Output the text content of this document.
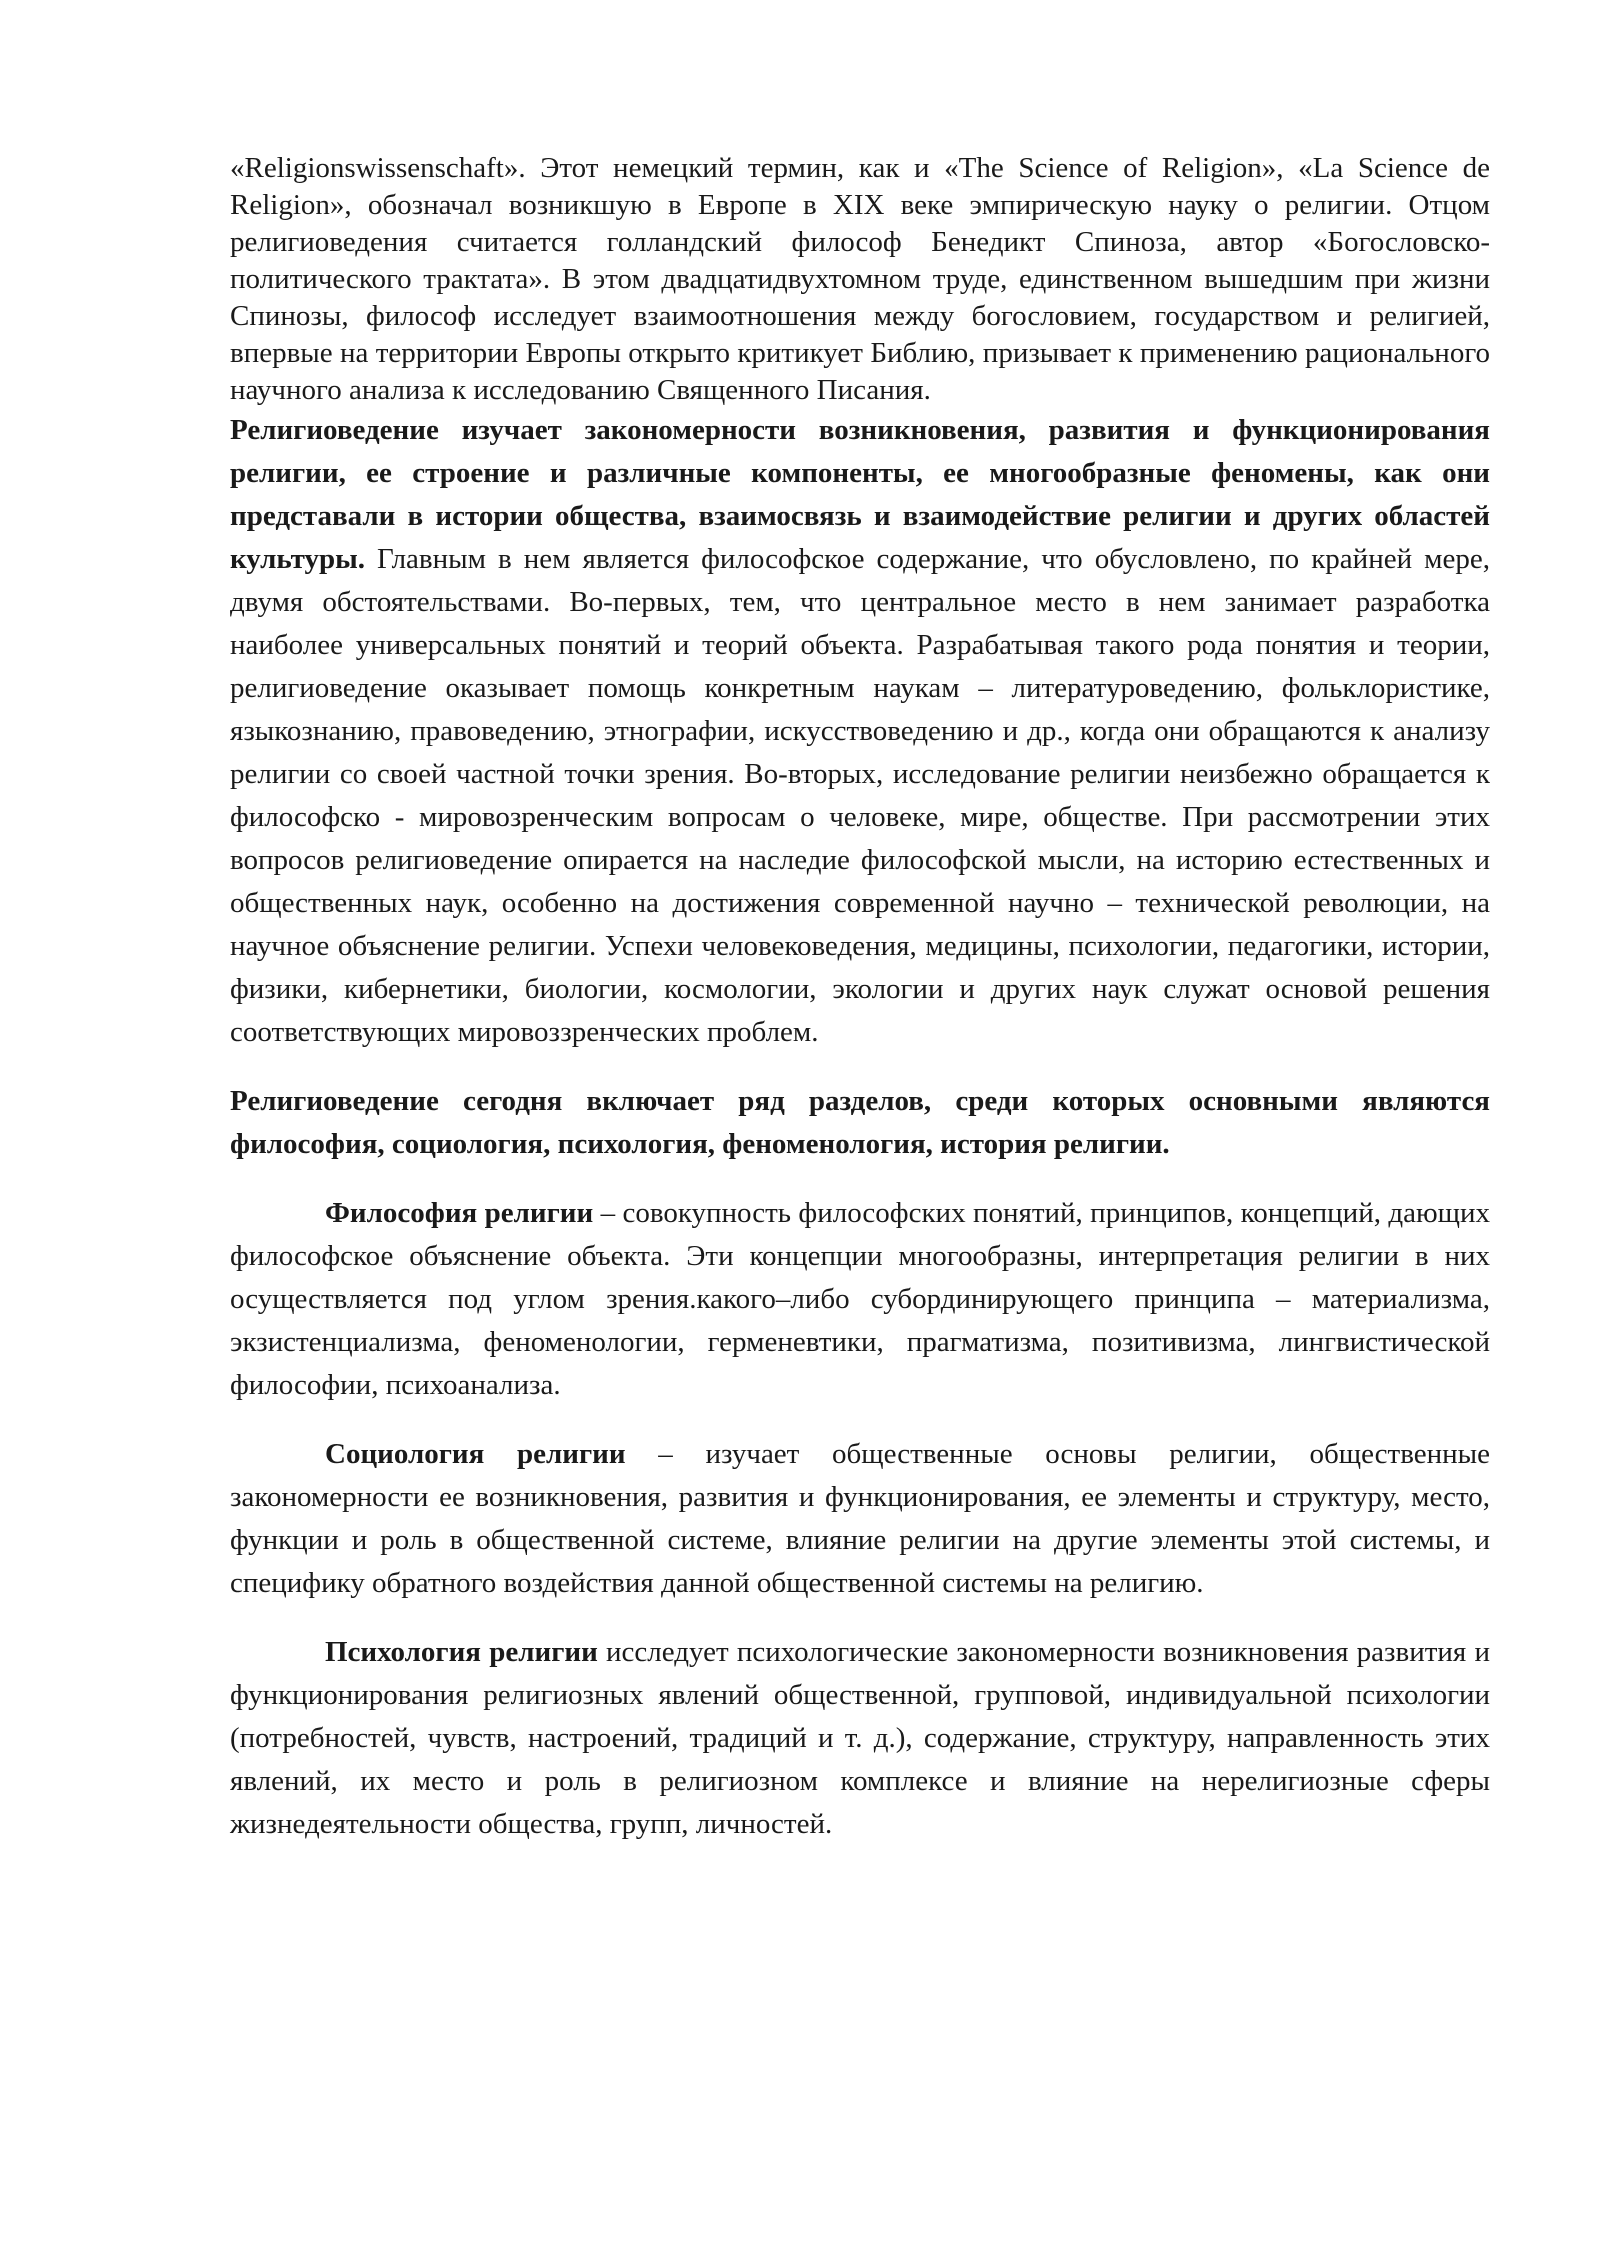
«Religionswissenschaft». Этот немецкий термин, как и «The Science of Religion», «La Science de Religion», обозначал возникшую в Европе в XIX веке эмпирическую науку о религии. Отцом религиоведения считается голландский философ Бенедикт Спиноза, автор «Богословско-политического трактата». В этом двадцатидвухтомном труде, единственном вышедшим при жизни Спинозы, философ исследует взаимоотношения между богословием, государством и религией, впервые на территории Европы открыто критикует Библию, призывает к применению рационального научного анализа к исследованию Священного Писания.

Религиоведение изучает закономерности возникновения, развития и функционирования религии, ее строение и различные компоненты, ее многообразные феномены, как они представали в истории общества, взаимосвязь и взаимодействие религии и других областей культуры. Главным в нем является философское содержание, что обусловлено, по крайней мере, двумя обстоятельствами. Во-первых, тем, что центральное место в нем занимает разработка наиболее универсальных понятий и теорий объекта. Разрабатывая такого рода понятия и теории, религиоведение оказывает помощь конкретным наукам – литературоведению, фольклористике, языкознанию, правоведению, этнографии, искусствоведению и др., когда они обращаются к анализу религии со своей частной точки зрения. Во-вторых, исследование религии неизбежно обращается к философско - мировозренческим вопросам о человеке, мире, обществе. При рассмотрении этих вопросов религиоведение опирается на наследие философской мысли, на историю естественных и общественных наук, особенно на достижения современной научно – технической революции, на научное объяснение религии. Успехи человековедения, медицины, психологии, педагогики, истории, физики, кибернетики, биологии, космологии, экологии и других наук служат основой решения соответствующих мировоззренческих проблем.

Религиоведение сегодня включает ряд разделов, среди которых основными являются философия, социология, психология, феноменология, история религии.

Философия религии – совокупность философских понятий, принципов, концепций, дающих философское объяснение объекта. Эти концепции многообразны, интерпретация религии в них осуществляется под углом зрения.какого–либо субординирующего принципа – материализма, экзистенциализма, феноменологии, герменевтики, прагматизма, позитивизма, лингвистической философии, психоанализа.

Социология религии – изучает общественные основы религии, общественные закономерности ее возникновения, развития и функционирования, ее элементы и структуру, место, функции и роль в общественной системе, влияние религии на другие элементы этой системы, и специфику обратного воздействия данной общественной системы на религию.

Психология религии исследует психологические закономерности возникновения развития и функционирования религиозных явлений общественной, групповой, индивидуальной психологии (потребностей, чувств, настроений, традиций и т. д.), содержание, структуру, направленность этих явлений, их место и роль в религиозном комплексе и влияние на нерелигиозные сферы жизнедеятельности общества, групп, личностей.
